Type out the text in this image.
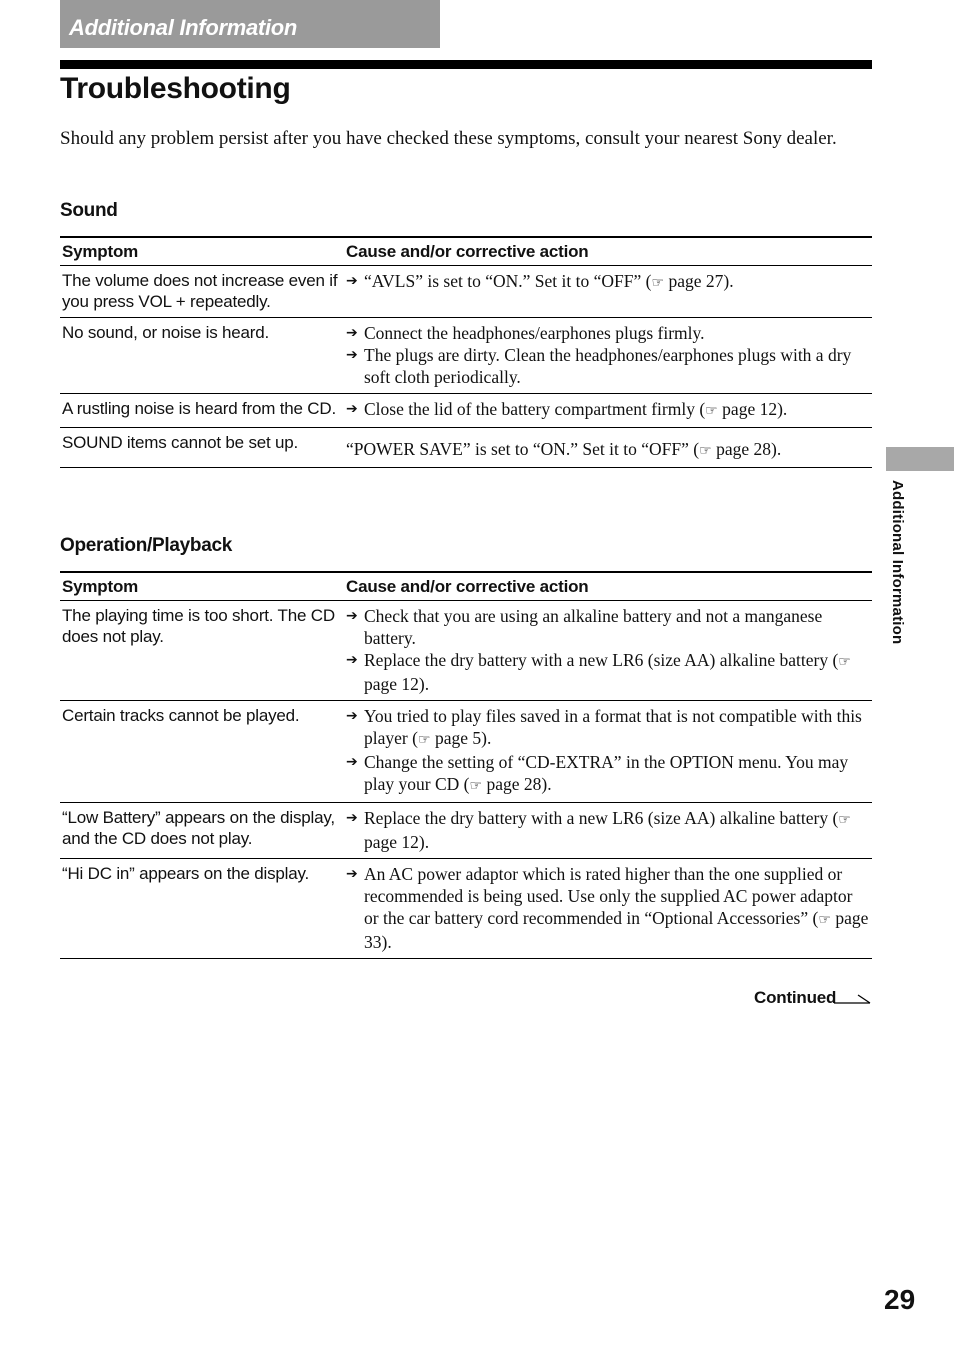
Additional Information
Troubleshooting

Should any problem persist after you have checked these symptoms, consult your nearest Sony dealer.

Sound
Symptom	Cause and/or corrective action
The volume does not increase even if you press VOL + repeatedly.	➔ “AVLS” is set to “ON.” Set it to “OFF” (☞ page 27).

No sound, or noise is heard.	➔ Connect the headphones/earphones plugs firmly.
➔ The plugs are dirty. Clean the headphones/earphones plugs with a dry soft cloth periodically.

A rustling noise is heard from the CD.	➔ Close the lid of the battery compartment firmly (☞ page 12).

SOUND items cannot be set up.	“POWER SAVE” is set to “ON.” Set it to “OFF” (☞ page 28).
Operation/Playback
Symptom	Cause and/or corrective action
The playing time is too short. The CD does not play.	➔ Check that you are using an alkaline battery and not a manganese battery.
➔ Replace the dry battery with a new LR6 (size AA) alkaline battery (☞ page 12).

Certain tracks cannot be played.	➔ You tried to play files saved in a format that is not compatible with this player (☞ page 5).
➔ Change the setting of “CD-EXTRA” in the OPTION menu. You may play your CD (☞ page 28).

“Low Battery” appears on the display, and the CD does not play.	➔ Replace the dry battery with a new LR6 (size AA) alkaline battery (☞ page 12).

“Hi DC in” appears on the display.	➔ An AC power adaptor which is rated higher than the one supplied or recommended is being used. Use only the supplied AC power adaptor or the car battery cord recommended in “Optional Accessories” (☞ page 33).
Additional Information
Continued
29
